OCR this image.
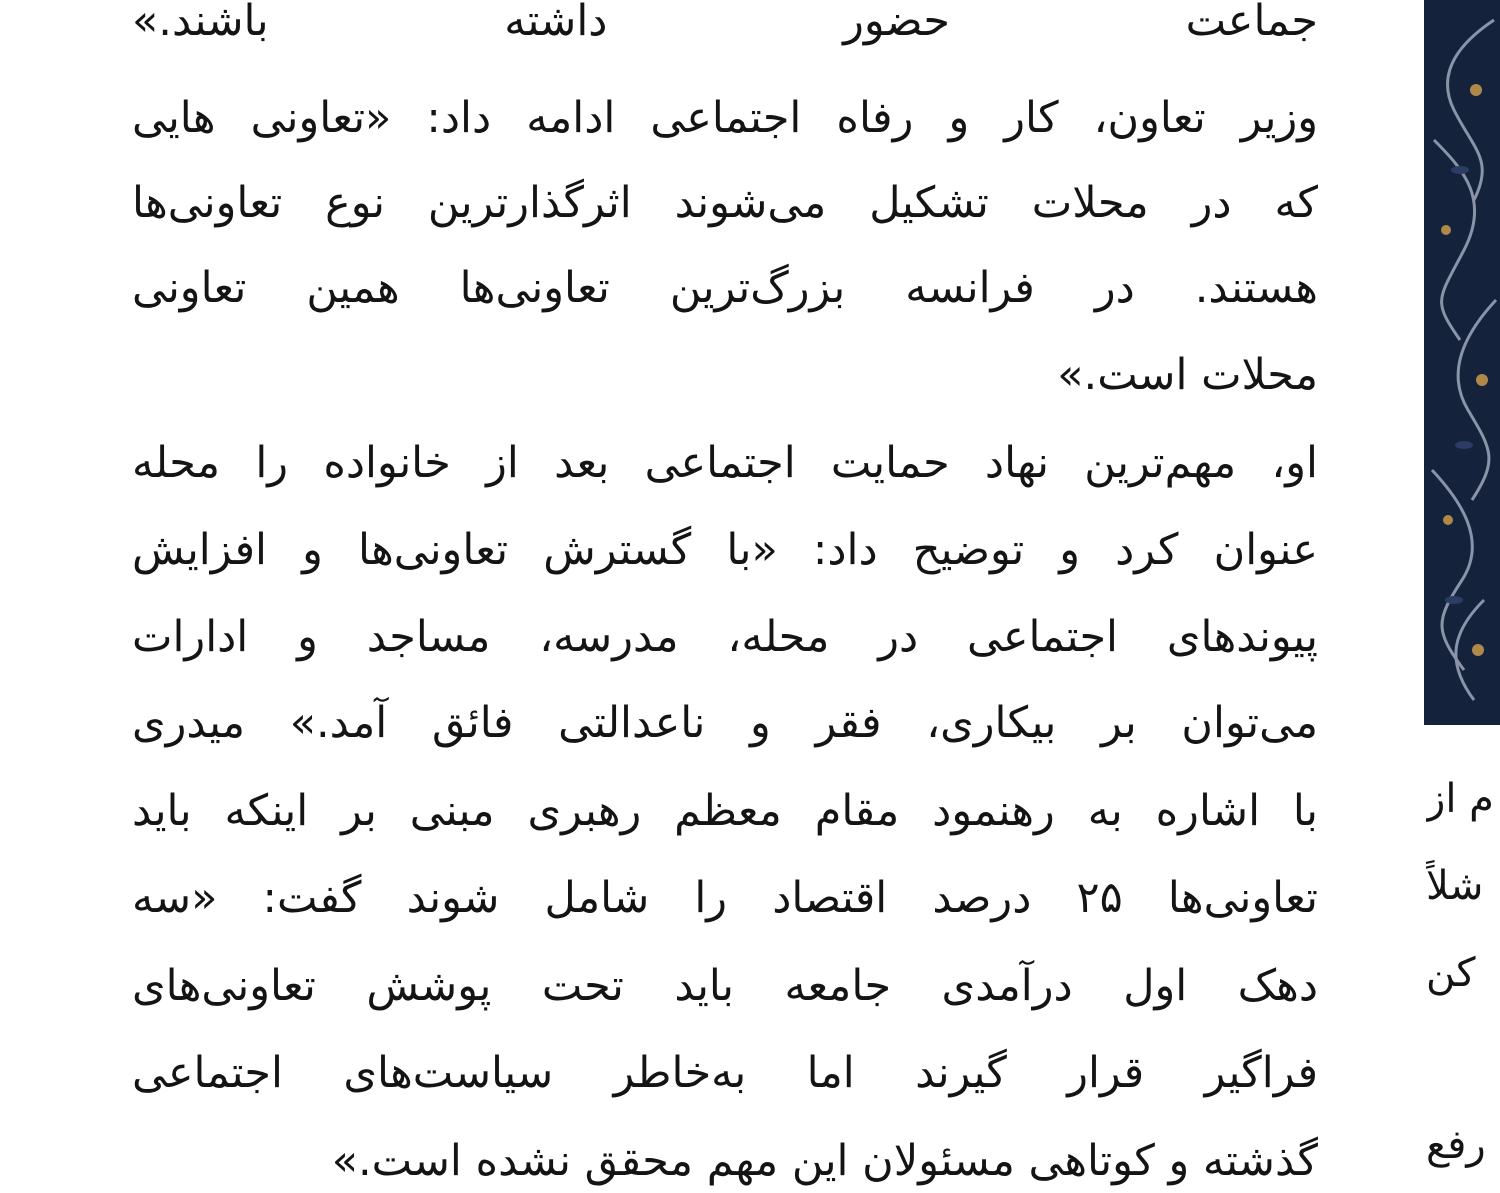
جماعت حضور داشته باشند.»
وزیر تعاون، کار و رفاه اجتماعی ادامه داد: «تعاونی هایی
که در محلات تشکیل می‌شوند اثرگذارترین نوع تعاونی‌ها
هستند. در فرانسه بزرگ‌ترین تعاونی‌ها همین تعاونی
محلات است.»
او، مهم‌ترین نهاد حمایت اجتماعی بعد از خانواده را محله
عنوان کرد و توضیح داد: «با گسترش تعاونی‌ها و افزایش
پیوندهای اجتماعی در محله، مدرسه، مساجد و ادارات
می‌توان بر بیکاری، فقر و ناعدالتی فائق آمد.» میدری
با اشاره به رهنمود مقام معظم رهبری مبنی بر اینکه باید
تعاونی‌ها ۲۵ درصد اقتصاد را شامل شوند گفت: «سه
دهک اول درآمدی جامعه باید تحت پوشش تعاونی‌های
فراگیر قرار گیرند اما به‌خاطر سیاست‌های اجتماعی
گذشته و کوتاهی مسئولان این مهم محقق نشده است.»
م از
شلاً
کن
رفع
